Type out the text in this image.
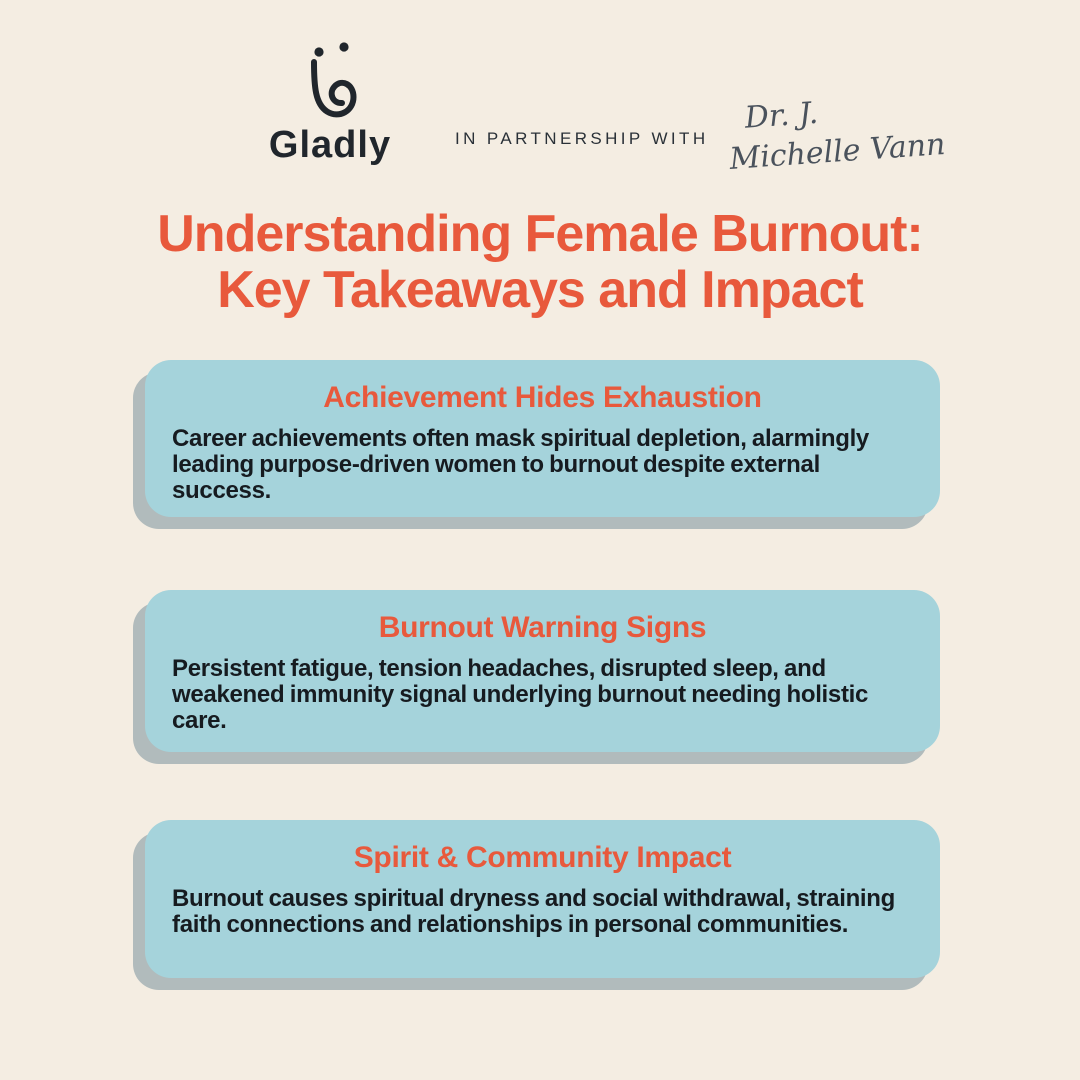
Gladly	IN PARTNERSHIP WITH
Dr. J.
Michelle Vann
Understanding Female Burnout:
Key Takeaways and Impact
Achievement Hides Exhaustion

Career achievements often mask spiritual depletion, alarmingly leading purpose-driven women to burnout despite external success.

Burnout Warning Signs

Persistent fatigue, tension headaches, disrupted sleep, and weakened immunity signal underlying burnout needing holistic care.

Spirit & Community Impact

Burnout causes spiritual dryness and social withdrawal, straining faith connections and relationships in personal communities.
